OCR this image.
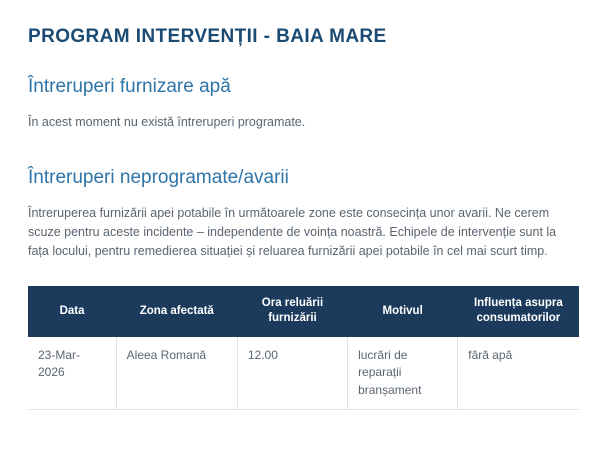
PROGRAM INTERVENȚII - BAIA MARE
Întreruperi furnizare apă

În acest moment nu există întreruperi programate.

Întreruperi neprogramate/avarii

Întreruperea furnizării apei potabile în următoarele zone este consecința unor avarii. Ne cerem scuze pentru aceste incidente – independente de voința noastră. Echipele de intervenție sunt la fața locului, pentru remedierea situației și reluarea furnizării apei potabile în cel mai scurt timp.

Data	Zona afectată	Ora reluării furnizării	Motivul	Influența asupra consumatorilor
23-Mar-2026	Aleea Romană	12.00	lucrări de reparații branșament	fără apă
